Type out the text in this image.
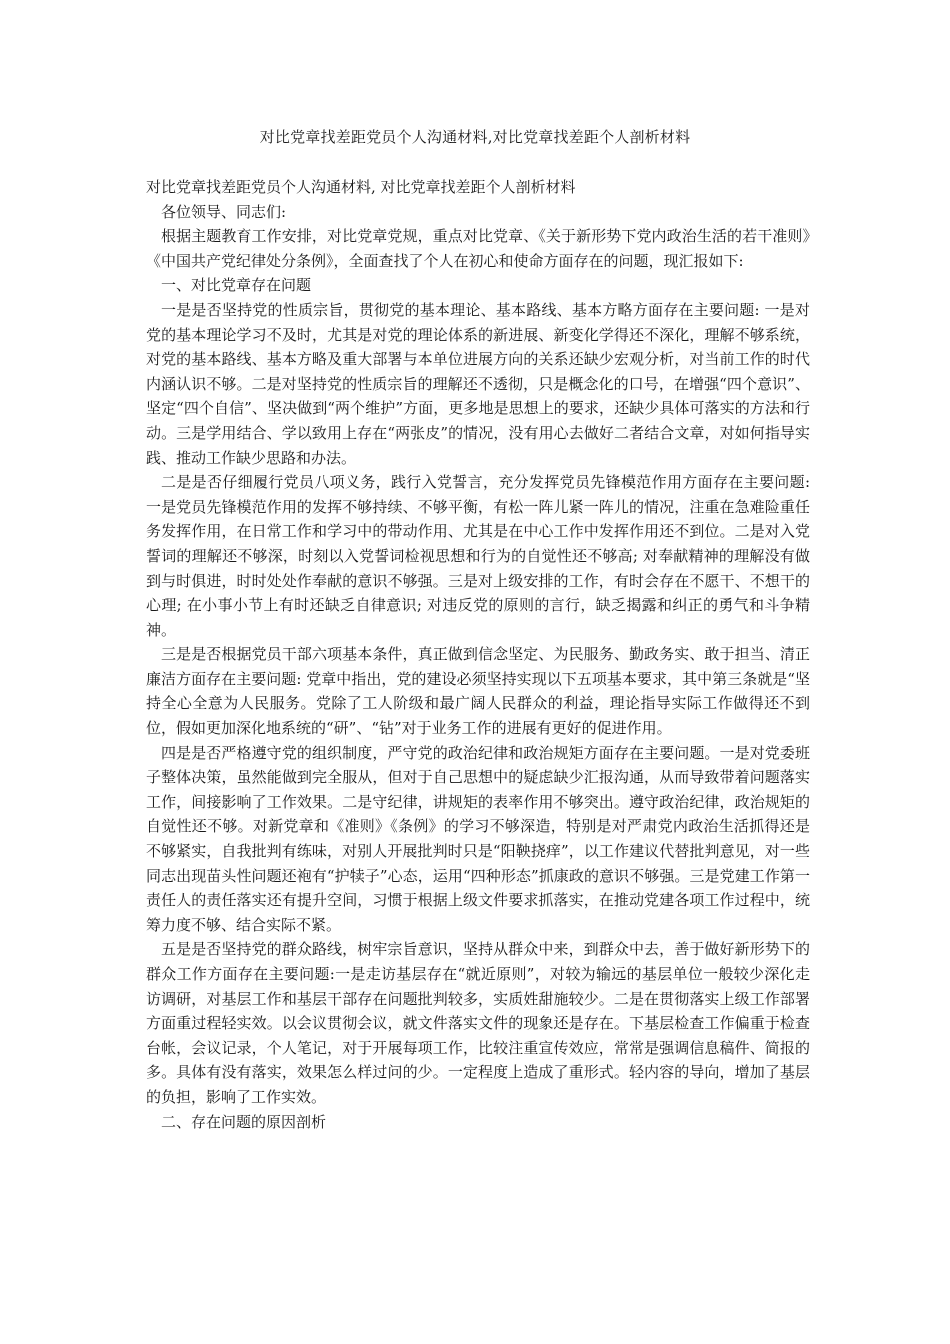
对比党章找差距党员个人沟通材料,对比党章找差距个人剖析材料

对比党章找差距党员个人沟通材料, 对比党章找差距个人剖析材料

各位领导、同志们:

根据主题教育工作安排，对比党章党规，重点对比党章、《关于新形势下党内政治生活的若干准则》《中国共产党纪律处分条例》，全面查找了个人在初心和使命方面存在的问题，现汇报如下:

一、对比党章存在问题

一是是否坚持党的性质宗旨，贯彻党的基本理论、基本路线、基本方略方面存在主要问题: 一是对党的基本理论学习不及时，尤其是对党的理论体系的新进展、新变化学得还不深化，理解不够系统，对党的基本路线、基本方略及重大部署与本单位进展方向的关系还缺少宏观分析，对当前工作的时代内涵认识不够。二是对坚持党的性质宗旨的理解还不透彻，只是概念化的口号，在增强“四个意识”、坚定“四个自信”、坚决做到“两个维护”方面，更多地是思想上的要求，还缺少具体可落实的方法和行动。三是学用结合、学以致用上存在“两张皮”的情况，没有用心去做好二者结合文章，对如何指导实践、推动工作缺少思路和办法。

二是是否仔细履行党员八项义务，践行入党誓言，充分发挥党员先锋模范作用方面存在主要问题: 一是党员先锋模范作用的发挥不够持续、不够平衡，有松一阵儿紧一阵儿的情况，注重在急难险重任务发挥作用，在日常工作和学习中的带动作用、尤其是在中心工作中发挥作用还不到位。二是对入党誓词的理解还不够深，时刻以入党誓词检视思想和行为的自觉性还不够高; 对奉献精神的理解没有做到与时俱进，时时处处作奉献的意识不够强。三是对上级安排的工作，有时会存在不愿干、不想干的心理; 在小事小节上有时还缺乏自律意识; 对违反党的原则的言行，缺乏揭露和纠正的勇气和斗争精神。

三是是否根据党员干部六项基本条件，真正做到信念坚定、为民服务、勤政务实、敢于担当、清正廉洁方面存在主要问题: 党章中指出，党的建设必须坚持实现以下五项基本要求，其中第三条就是“坚持全心全意为人民服务。党除了工人阶级和最广阔人民群众的利益，理论指导实际工作做得还不到位，假如更加深化地系统的“研”、“钻”对于业务工作的进展有更好的促进作用。

四是是否严格遵守党的组织制度，严守党的政治纪律和政治规矩方面存在主要问题。一是对党委班子整体决策，虽然能做到完全服从，但对于自己思想中的疑虑缺少汇报沟通，从而导致带着问题落实工作，间接影响了工作效果。二是守纪律，讲规矩的表率作用不够突出。遵守政治纪律，政治规矩的自觉性还不够。对新党章和《准则》《条例》的学习不够深造，特别是对严肃党内政治生活抓得还是不够紧实，自我批判有练味，对别人开展批判时只是“阳鞅挠痒”，以工作建议代替批判意见，对一些同志出现苗头性问题还袍有“护犊子”心态，运用“四种形态”抓康政的意识不够强。三是党建工作第一责任人的责任落实还有提升空间，习惯于根据上级文件要求抓落实，在推动党建各项工作过程中，统筹力度不够、结合实际不紧。

五是是否坚持党的群众路线，树牢宗旨意识，坚持从群众中来，到群众中去，善于做好新形势下的群众工作方面存在主要问题:一是走访基层存在“就近原则”，对较为输远的基层单位一般较少深化走访调研，对基层工作和基层干部存在问题批判较多，实质姓甜施较少。二是在贯彻落实上级工作部署方面重过程轻实效。以会议贯彻会议，就文件落实文件的现象还是存在。下基层检查工作偏重于检查台帐，会议记录，个人笔记，对于开展每项工作，比较注重宣传效应，常常是强调信息稿件、简报的多。具体有没有落实，效果怎么样过问的少。一定程度上造成了重形式。轻内容的导向，增加了基层的负担，影响了工作实效。

二、存在问题的原因剖析
